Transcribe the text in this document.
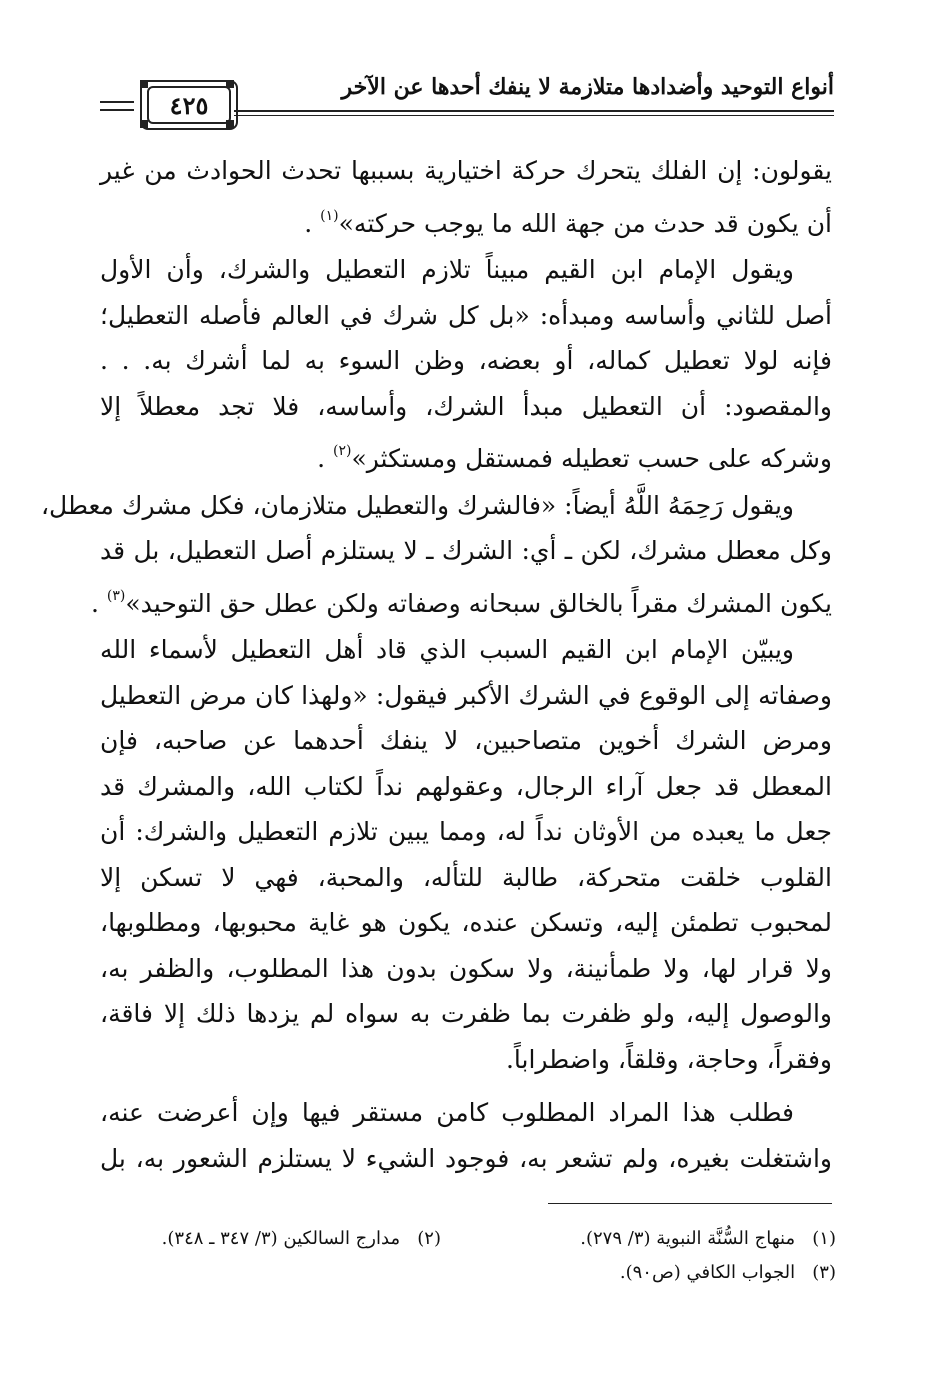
أنواع التوحيد وأضدادها متلازمة لا ينفك أحدها عن الآخر
٤٢٥
يقولون: إن الفلك يتحرك حركة اختيارية بسببها تحدث الحوادث من غير
أن يكون قد حدث من جهة الله ما يوجب حركته»$^{(١)}$ .
ويقول الإمام ابن القيم مبيناً تلازم التعطيل والشرك، وأن الأول
أصل للثاني وأساسه ومبدأه: «بل كل شرك في العالم فأصله التعطيل؛
فإنه لولا تعطيل كماله، أو بعضه، وظن السوء به لما أشرك به. . .
والمقصود: أن التعطيل مبدأ الشرك، وأساسه، فلا تجد معطلاً إلا
وشركه على حسب تعطيله فمستقل ومستكثر»$^{(٢)}$ .
ويقول رَحِمَهُ اللَّهُ أيضاً: «فالشرك والتعطيل متلازمان، فكل مشرك معطل،
وكل معطل مشرك، لكن ـ أي: الشرك ـ لا يستلزم أصل التعطيل، بل قد
يكون المشرك مقراً بالخالق سبحانه وصفاته ولكن عطل حق التوحيد»$^{(٣)}$ .
ويبيّن الإمام ابن القيم السبب الذي قاد أهل التعطيل لأسماء الله
وصفاته إلى الوقوع في الشرك الأكبر فيقول: «ولهذا كان مرض التعطيل
ومرض الشرك أخوين متصاحبين، لا ينفك أحدهما عن صاحبه، فإن
المعطل قد جعل آراء الرجال، وعقولهم نداً لكتاب الله، والمشرك قد
جعل ما يعبده من الأوثان نداً له، ومما يبين تلازم التعطيل والشرك: أن
القلوب خلقت متحركة، طالبة للتأله، والمحبة، فهي لا تسكن إلا
لمحبوب تطمئن إليه، وتسكن عنده، يكون هو غاية محبوبها، ومطلوبها،
ولا قرار لها، ولا طمأنينة، ولا سكون بدون هذا المطلوب، والظفر به،
والوصول إليه، ولو ظفرت بما ظفرت به سواه لم يزدها ذلك إلا فاقة،
وفقراً، وحاجة، وقلقاً، واضطراباً.
فطلب هذا المراد المطلوب كامن مستقر فيها وإن أعرضت عنه،
واشتغلت بغيره، ولم تشعر به، فوجود الشيء لا يستلزم الشعور به، بل
(١)   منهاج السُّنَّة النبوية (٣/ ٢٧٩).
(٢)   مدارج السالكين (٣/ ٣٤٧ ـ ٣٤٨).
(٣)   الجواب الكافي (ص٩٠).
